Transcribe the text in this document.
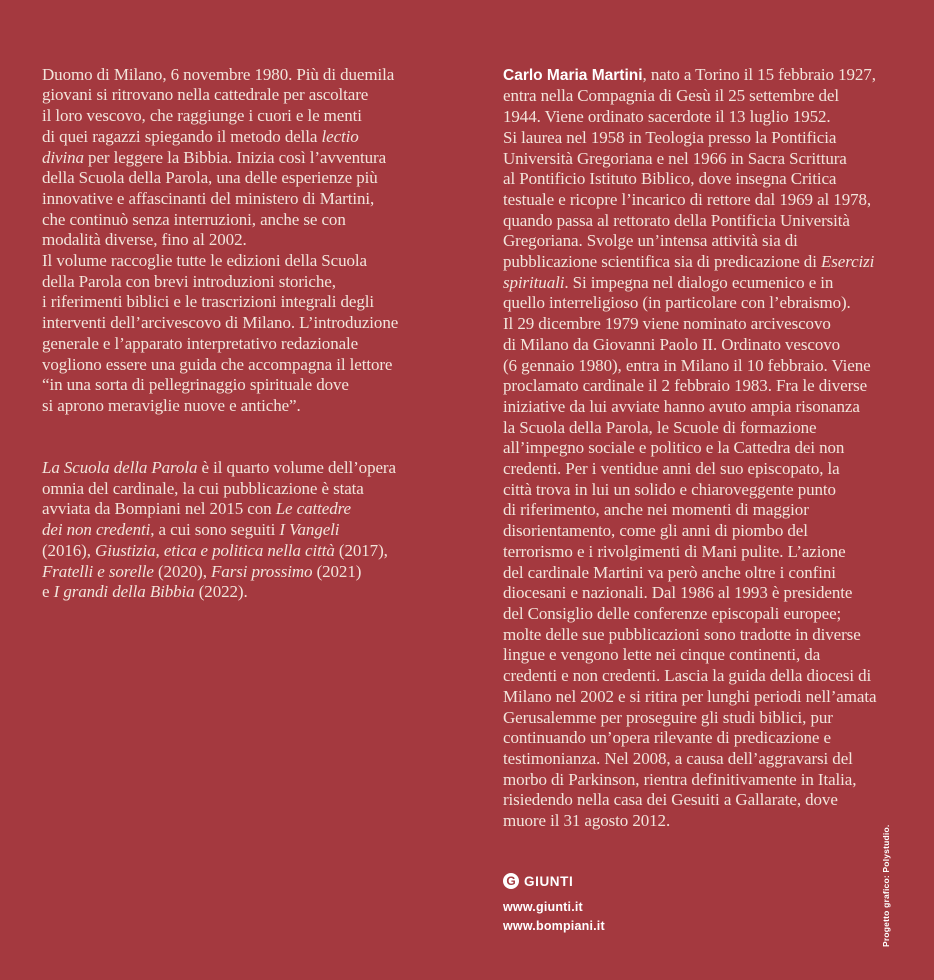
Duomo di Milano, 6 novembre 1980. Più di duemila
giovani si ritrovano nella cattedrale per ascoltare
il loro vescovo, che raggiunge i cuori e le menti
di quei ragazzi spiegando il metodo della lectio
divina per leggere la Bibbia. Inizia così l’avventura
della Scuola della Parola, una delle esperienze più
innovative e affascinanti del ministero di Martini,
che continuò senza interruzioni, anche se con
modalità diverse, fino al 2002.
Il volume raccoglie tutte le edizioni della Scuola
della Parola con brevi introduzioni storiche,
i riferimenti biblici e le trascrizioni integrali degli
interventi dell’arcivescovo di Milano. L’introduzione
generale e l’apparato interpretativo redazionale
vogliono essere una guida che accompagna il lettore
“in una sorta di pellegrinaggio spirituale dove
si aprono meraviglie nuove e antiche”.

La Scuola della Parola è il quarto volume dell’opera
omnia del cardinale, la cui pubblicazione è stata
avviata da Bompiani nel 2015 con Le cattedre
dei non credenti, a cui sono seguiti I Vangeli
(2016), Giustizia, etica e politica nella città (2017),
Fratelli e sorelle (2020), Farsi prossimo (2021)
e I grandi della Bibbia (2022).

Carlo Maria Martini, nato a Torino il 15 febbraio 1927,
entra nella Compagnia di Gesù il 25 settembre del
1944. Viene ordinato sacerdote il 13 luglio 1952.
Si laurea nel 1958 in Teologia presso la Pontificia
Università Gregoriana e nel 1966 in Sacra Scrittura
al Pontificio Istituto Biblico, dove insegna Critica
testuale e ricopre l’incarico di rettore dal 1969 al 1978,
quando passa al rettorato della Pontificia Università
Gregoriana. Svolge un’intensa attività sia di
pubblicazione scientifica sia di predicazione di Esercizi
spirituali. Si impegna nel dialogo ecumenico e in
quello interreligioso (in particolare con l’ebraismo).
Il 29 dicembre 1979 viene nominato arcivescovo
di Milano da Giovanni Paolo II. Ordinato vescovo
(6 gennaio 1980), entra in Milano il 10 febbraio. Viene
proclamato cardinale il 2 febbraio 1983. Fra le diverse
iniziative da lui avviate hanno avuto ampia risonanza
la Scuola della Parola, le Scuole di formazione
all’impegno sociale e politico e la Cattedra dei non
credenti. Per i ventidue anni del suo episcopato, la
città trova in lui un solido e chiaroveggente punto
di riferimento, anche nei momenti di maggior
disorientamento, come gli anni di piombo del
terrorismo e i rivolgimenti di Mani pulite. L’azione
del cardinale Martini va però anche oltre i confini
diocesani e nazionali. Dal 1986 al 1993 è presidente
del Consiglio delle conferenze episcopali europee;
molte delle sue pubblicazioni sono tradotte in diverse
lingue e vengono lette nei cinque continenti, da
credenti e non credenti. Lascia la guida della diocesi di
Milano nel 2002 e si ritira per lunghi periodi nell’amata
Gerusalemme per proseguire gli studi biblici, pur
continuando un’opera rilevante di predicazione e
testimonianza. Nel 2008, a causa dell’aggravarsi del
morbo di Parkinson, rientra definitivamente in Italia,
risiedendo nella casa dei Gesuiti a Gallarate, dove
muore il 31 agosto 2012.

G GIUNTI
www.giunti.it
www.bompiani.it	Progetto grafico: Polystudio.
